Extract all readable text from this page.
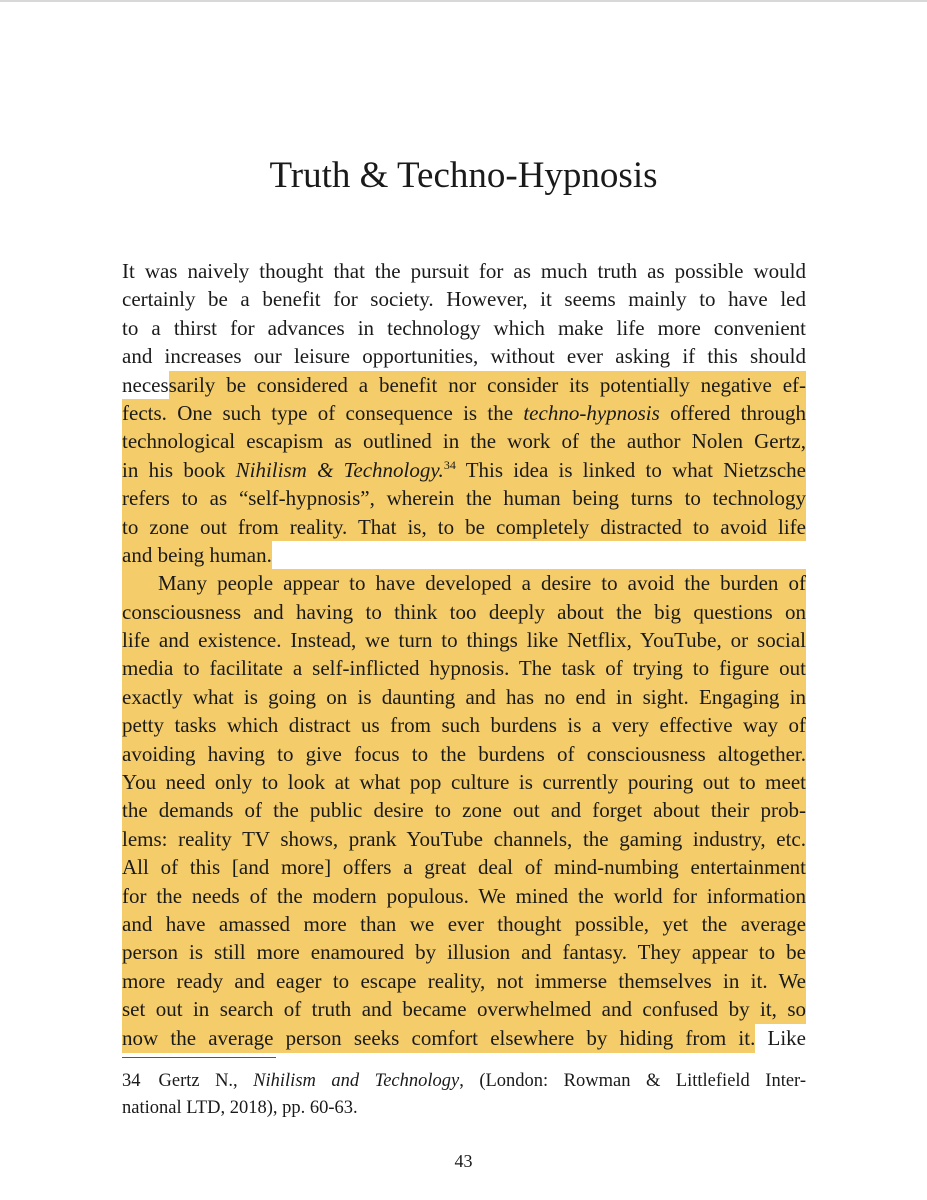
Truth & Techno-Hypnosis
It was naively thought that the pursuit for as much truth as possible would
certainly be a benefit for society. However, it seems mainly to have led
to a thirst for advances in technology which make life more convenient
and increases our leisure opportunities, without ever asking if this should
necessarily be considered a benefit nor consider its potentially negative ef-
fects. One such type of consequence is the techno-hypnosis offered through
technological escapism as outlined in the work of the author Nolen Gertz,
in his book Nihilism & Technology.$^{34}$ This idea is linked to what Nietzsche
refers to as “self-hypnosis”, wherein the human being turns to technology
to zone out from reality. That is, to be completely distracted to avoid life
and being human.
Many people appear to have developed a desire to avoid the burden of
consciousness and having to think too deeply about the big questions on
life and existence. Instead, we turn to things like Netflix, YouTube, or social
media to facilitate a self-inflicted hypnosis. The task of trying to figure out
exactly what is going on is daunting and has no end in sight. Engaging in
petty tasks which distract us from such burdens is a very effective way of
avoiding having to give focus to the burdens of consciousness altogether.
You need only to look at what pop culture is currently pouring out to meet
the demands of the public desire to zone out and forget about their prob-
lems: reality TV shows, prank YouTube channels, the gaming industry, etc.
All of this [and more] offers a great deal of mind-numbing entertainment
for the needs of the modern populous. We mined the world for information
and have amassed more than we ever thought possible, yet the average
person is still more enamoured by illusion and fantasy. They appear to be
more ready and eager to escape reality, not immerse themselves in it. We
set out in search of truth and became overwhelmed and confused by it, so
now the average person seeks comfort elsewhere by hiding from it. Like
34 Gertz N., Nihilism and Technology, (London: Rowman & Littlefield Inter-
national LTD, 2018), pp. 60-63.
43
